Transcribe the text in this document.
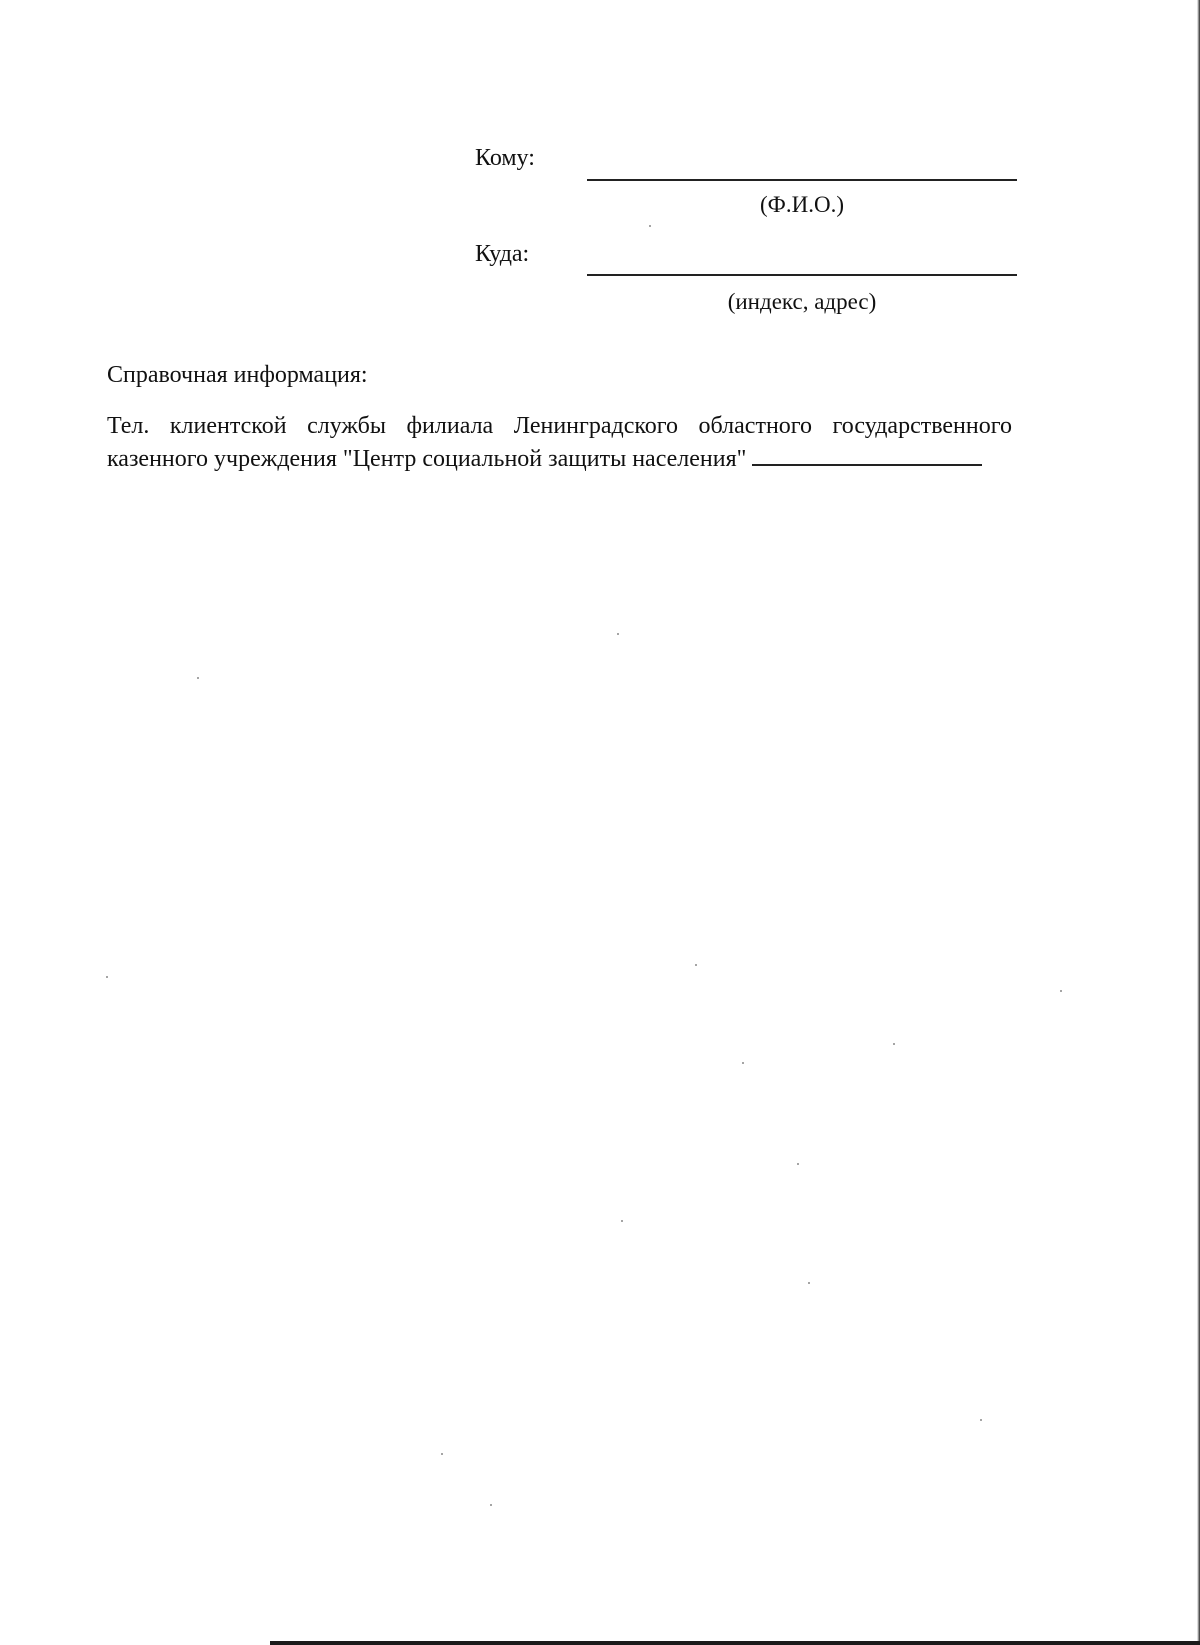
Кому:
(Ф.И.О.)
Куда:
(индекс, адрес)
Справочная информация:
Тел. клиентской службы филиала Ленинградского областного государственного
казенного учреждения "Центр социальной защиты населения"
